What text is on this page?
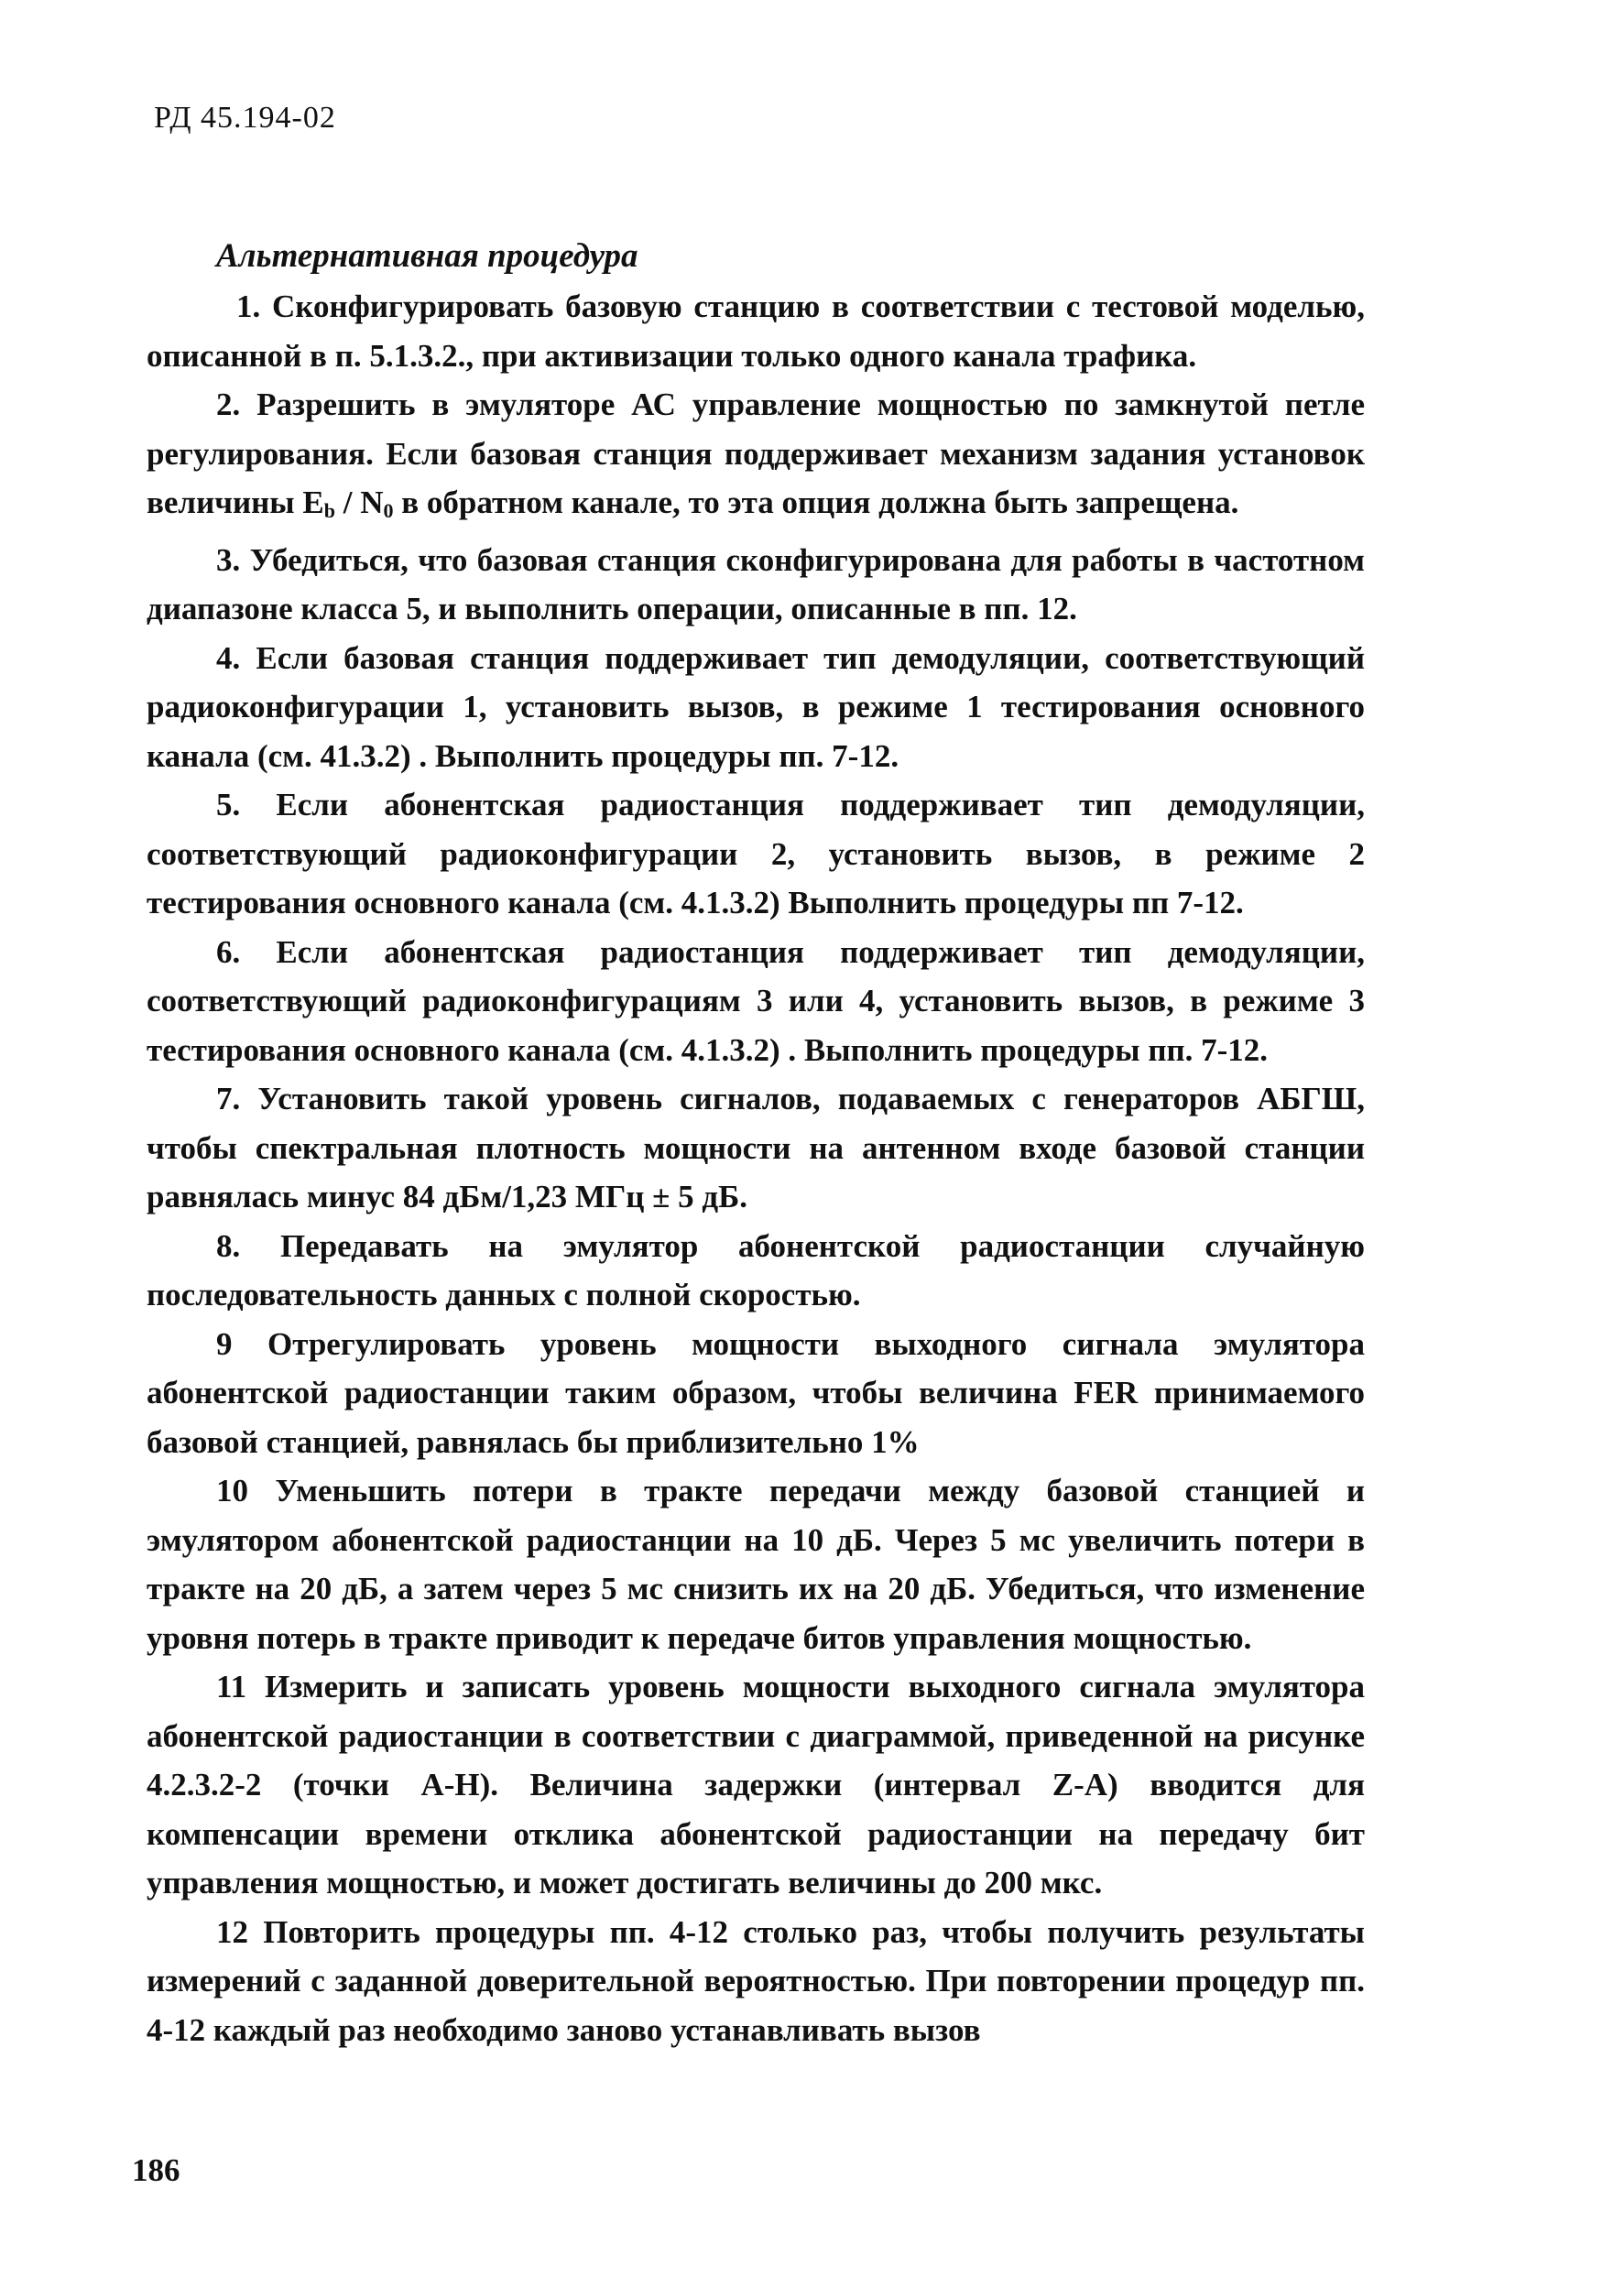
РД 45.194-02
Альтернативная процедура

1. Сконфигурировать базовую станцию в соответствии с тестовой моделью, описанной в п. 5.1.3.2., при активизации только одного канала трафика.

2. Разрешить в эмуляторе АС управление мощностью по замкнутой петле регулирования. Если базовая станция поддерживает механизм задания установок величины $E_b / N_0$ в обратном канале, то эта опция должна быть запрещена.

3. Убедиться, что базовая станция сконфигурирована для работы в частотном диапазоне класса 5, и выполнить операции, описанные в пп. 12.

4. Если базовая станция поддерживает тип демодуляции, соответствующий радиоконфигурации 1, установить вызов, в режиме 1 тестирования основного канала (см. 41.3.2) . Выполнить процедуры пп. 7-12.

5. Если абонентская радиостанция поддерживает тип демодуляции, соответствующий радиоконфигурации 2, установить вызов, в режиме 2 тестирования основного канала (см. 4.1.3.2) Выполнить процедуры пп 7-12.

6. Если абонентская радиостанция поддерживает тип демодуляции, соответствующий радиоконфигурациям 3 или 4, установить вызов, в режиме 3 тестирования основного канала (см. 4.1.3.2) . Выполнить процедуры пп. 7-12.

7. Установить такой уровень сигналов, подаваемых с генераторов АБГШ, чтобы спектральная плотность мощности на антенном входе базовой станции равнялась минус 84 дБм/1,23 МГц ± 5 дБ.

8. Передавать на эмулятор абонентской радиостанции случайную последовательность данных с полной скоростью.

9 Отрегулировать уровень мощности выходного сигнала эмулятора абонентской радиостанции таким образом, чтобы величина FER принимаемого базовой станцией, равнялась бы приблизительно 1%

10 Уменьшить потери в тракте передачи между базовой станцией и эмулятором абонентской радиостанции на 10 дБ. Через 5 мс увеличить потери в тракте на 20 дБ, а затем через 5 мс снизить их на 20 дБ. Убедиться, что изменение уровня потерь в тракте приводит к передаче битов управления мощностью.

11 Измерить и записать уровень мощности выходного сигнала эмулятора абонентской радиостанции в соответствии с диаграммой, приведенной на рисунке 4.2.3.2-2 (точки А-Н). Величина задержки (интервал Z-А) вводится для компенсации времени отклика абонентской радиостанции на передачу бит управления мощностью, и может достигать величины до 200 мкс.

12 Повторить процедуры пп. 4-12 столько раз, чтобы получить результаты измерений с заданной доверительной вероятностью. При повторении процедур пп. 4-12 каждый раз необходимо заново устанавливать вызов

186
